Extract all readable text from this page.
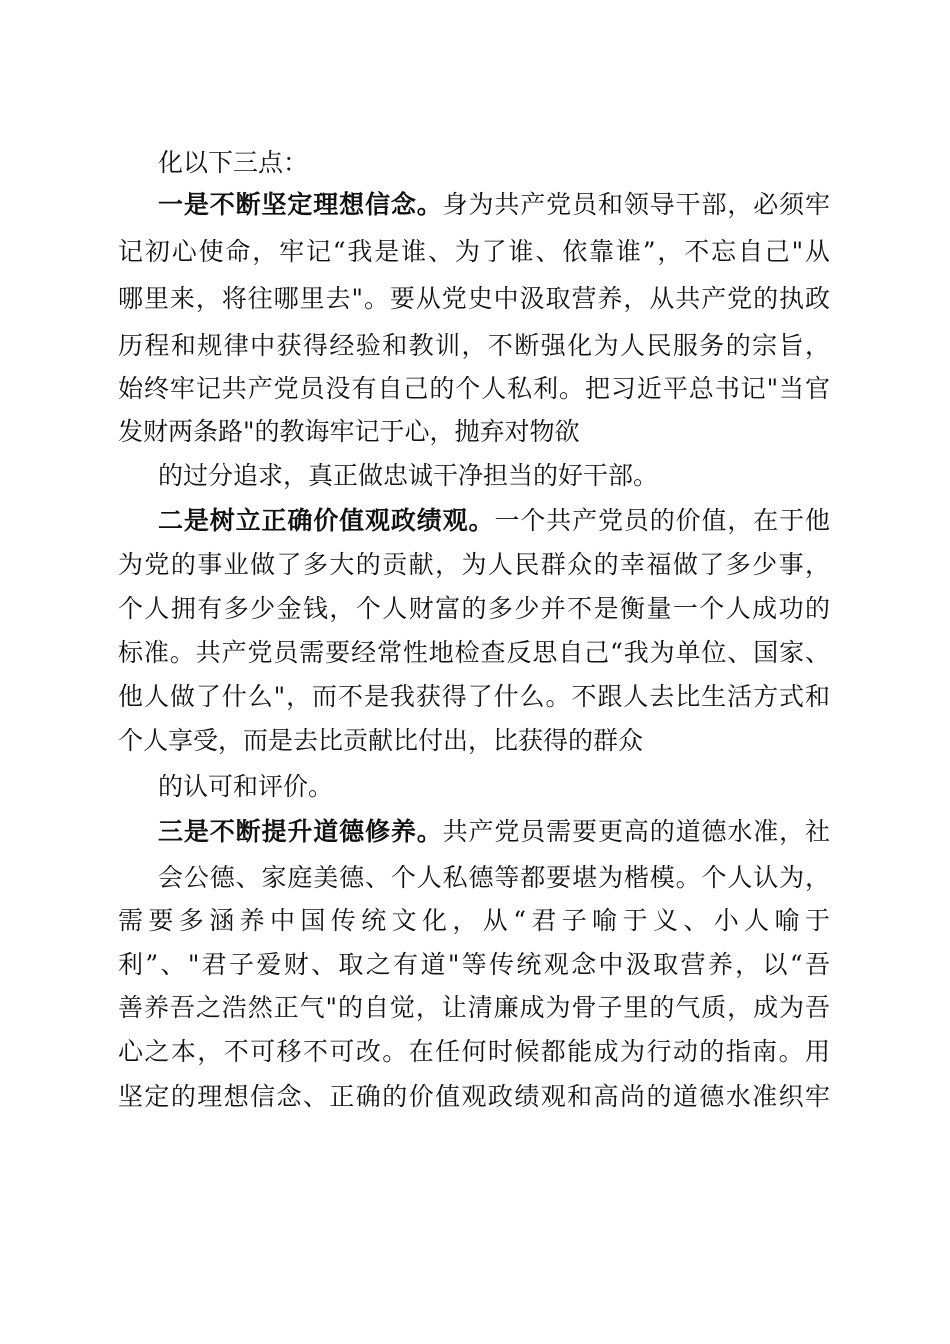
化以下三点：
一是不断坚定理想信念。身为共产党员和领导干部，必须牢
记初心使命，牢记“我是谁、为了谁、依靠谁”，不忘自己"从
哪里来，将往哪里去"。要从党史中汲取营养，从共产党的执政
历程和规律中获得经验和教训，不断强化为人民服务的宗旨，
始终牢记共产党员没有自己的个人私利。把习近平总书记"当官
发财两条路"的教诲牢记于心，抛弃对物欲
的过分追求，真正做忠诚干净担当的好干部。
二是树立正确价值观政绩观。一个共产党员的价值，在于他
为党的事业做了多大的贡献，为人民群众的幸福做了多少事，
个人拥有多少金钱，个人财富的多少并不是衡量一个人成功的
标准。共产党员需要经常性地检查反思自己“我为单位、国家、
他人做了什么"，而不是我获得了什么。不跟人去比生活方式和
个人享受，而是去比贡献比付出，比获得的群众
的认可和评价。
三是不断提升道德修养。共产党员需要更高的道德水准，社
会公德、家庭美德、个人私德等都要堪为楷模。个人认为，
需要多涵养中国传统文化，从“君子喻于义、小人喻于
利”、"君子爱财、取之有道"等传统观念中汲取营养，以“吾
善养吾之浩然正气"的自觉，让清廉成为骨子里的气质，成为吾
心之本，不可移不可改。在任何时候都能成为行动的指南。用
坚定的理想信念、正确的价值观政绩观和高尚的道德水准织牢
